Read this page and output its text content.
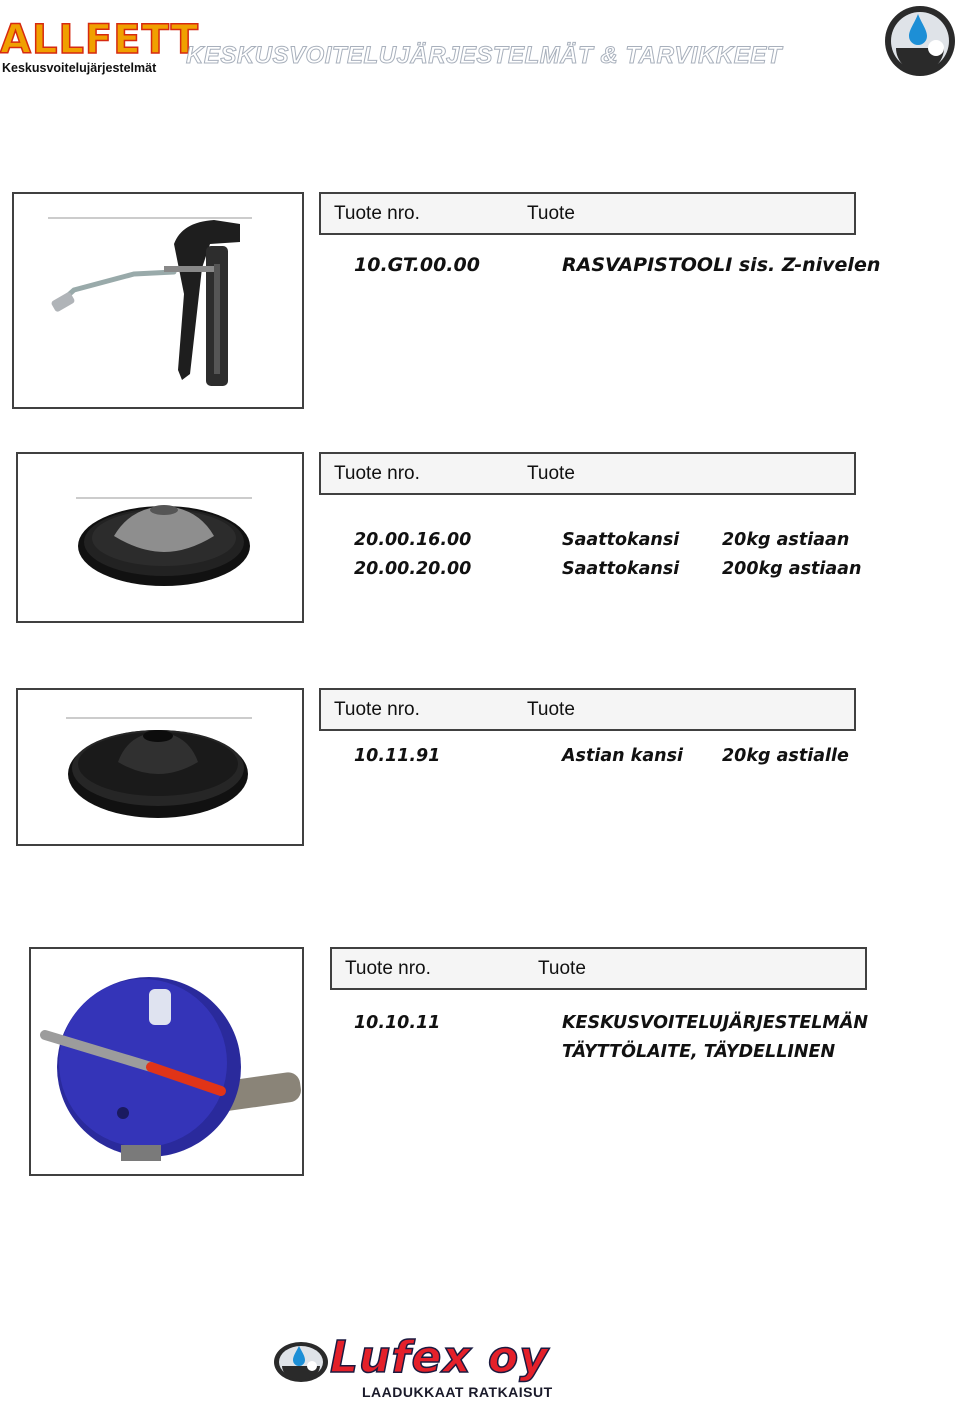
ALLFETT
Keskusvoitelujärjestelmät KESKUSVOITELUJÄRJESTELMÄT & TARVIKKEET
Tuote nro.	Tuote
10.GT.00.00	RASVAPISTOOLI sis. Z-nivelen
Tuote nro.	Tuote
20.00.16.00	Saattokansi 20kg astiaan
20.00.20.00	Saattokansi 200kg astiaan
Tuote nro.	Tuote
10.11.91	Astian kansi 20kg astialle
Tuote nro.	Tuote
10.10.11	KESKUSVOITELUJÄRJESTELMÄN
TÄYTTÖLAITE, TÄYDELLINEN
Lufex oy
LAADUKKAAT RATKAISUT
